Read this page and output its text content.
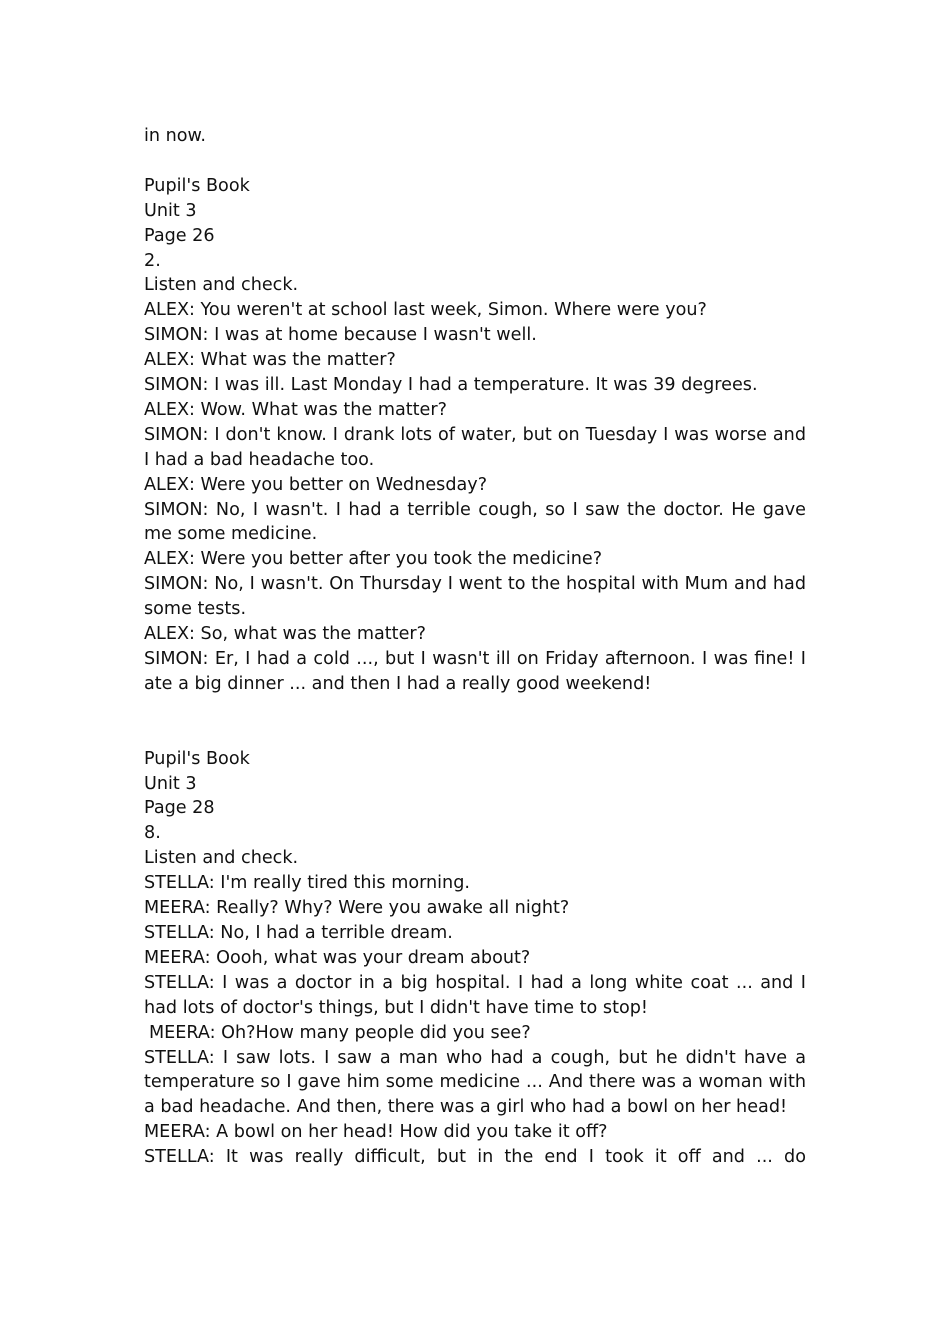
in now.
Pupil's Book
Unit 3
Page 26
2.
Listen and check.
ALEX: You weren't at school last week, Simon. Where were you?
SIMON: I was at home because I wasn't well.
ALEX: What was the matter?
SIMON: I was ill. Last Monday I had a temperature. It was 39 degrees.
ALEX: Wow. What was the matter?
SIMON: I don't know. I drank lots of water, but on Tuesday I was worse and I had a bad headache too.
ALEX: Were you better on Wednesday?
SIMON: No, I wasn't. I had a terrible cough, so I saw the doctor. He gave me some medicine.
ALEX: Were you better after you took the medicine?
SIMON: No, I wasn't. On Thursday I went to the hospital with Mum and had some tests.
ALEX: So, what was the matter?
SIMON: Er, I had a cold ..., but I wasn't ill on Friday afternoon. I was fine! I ate a big dinner ... and then I had a really good weekend!
Pupil's Book
Unit 3
Page 28
8.
Listen and check.
STELLA: I'm really tired this morning.
MEERA: Really? Why? Were you awake all night?
STELLA: No, I had a terrible dream.
MEERA: Oooh, what was your dream about?
STELLA: I was a doctor in a big hospital. I had a long white coat ... and I had lots of doctor's things, but I didn't have time to stop!
MEERA: Oh?How many people did you see?
STELLA: I saw lots. I saw a man who had a cough, but he didn't have a temperature so I gave him some medicine ... And there was a woman with a bad headache. And then, there was a girl who had a bowl on her head!
MEERA: A bowl on her head! How did you take it off?
STELLA: It was really difficult, but in the end I took it off and ... do
